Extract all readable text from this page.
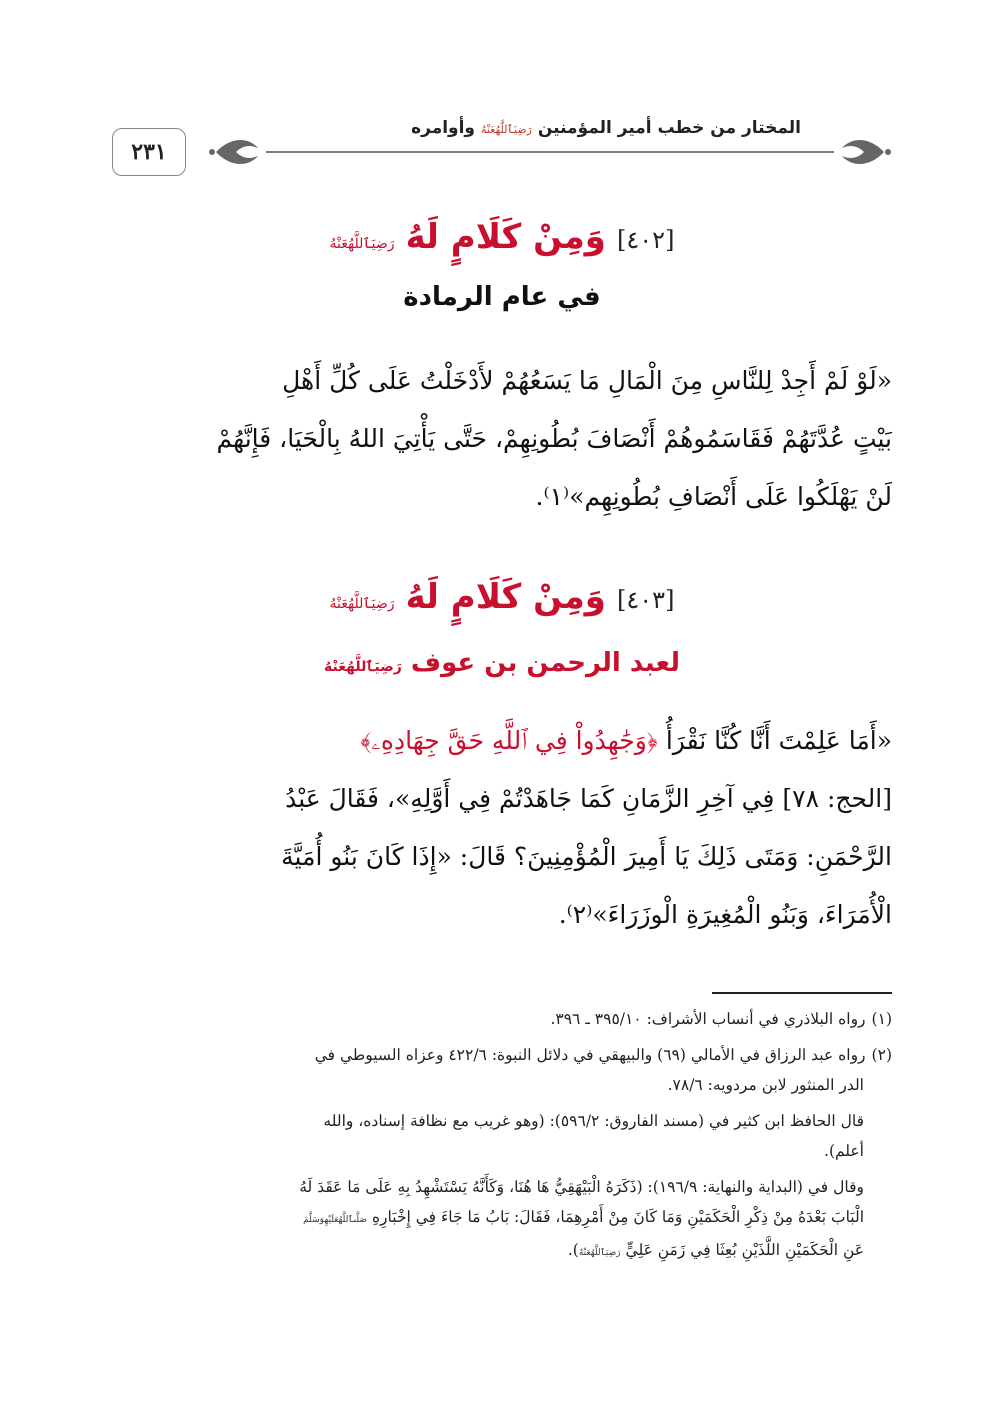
٢٣١
المختار من خطب أمير المؤمنين رَضِيَٱللَّهُعَنْهُ وأوامره
[٤٠٢] وَمِنْ كَلَامٍ لَهُ رَضِيَٱللَّهُعَنْهُ
في عام الرمادة
«لَوْ لَمْ أَجِدْ لِلنَّاسِ مِنَ الْمَالِ مَا يَسَعُهُمْ لأَدْخَلْتُ عَلَى كُلِّ أَهْلِ
بَيْتٍ عُدَّتَهُمْ فَقَاسَمُوهُمْ أَنْصَافَ بُطُونِهِمْ، حَتَّى يَأْتِيَ اللهُ بِالْحَيَا، فَإِنَّهُمْ
لَنْ يَهْلَكُوا عَلَى أَنْصَافِ بُطُونِهِم»⁽١⁾.
[٤٠٣] وَمِنْ كَلَامٍ لَهُ رَضِيَٱللَّهُعَنْهُ
لعبد الرحمن بن عوف رَضِيَٱللَّهُعَنْهُ
«أَمَا عَلِمْتَ أَنَّا كُنَّا نَقْرَأُ ﴿وَجَٰهِدُواْ فِي ٱللَّهِ حَقَّ جِهَادِهِۦ﴾
[الحج: ٧٨] فِي آخِرِ الزَّمَانِ كَمَا جَاهَدْتُمْ فِي أَوَّلِهِ»، فَقَالَ عَبْدُ
الرَّحْمَنِ: وَمَتَى ذَلِكَ يَا أَمِيرَ الْمُؤْمِنِينَ؟ قَالَ: «إِذَا كَانَ بَنُو أُمَيَّةَ
الْأُمَرَاءَ، وَبَنُو الْمُغِيرَةِ الْوزَرَاءَ»⁽٢⁾.
(١)رواه البلاذري في أنساب الأشراف: ٣٩٥/١٠ ـ ٣٩٦.
(٢)رواه عبد الرزاق في الأمالي (٦٩) والبيهقي في دلائل النبوة: ٤٢٢/٦ وعزاه السيوطي في
الدر المنثور لابن مردويه: ٧٨/٦.
قال الحافظ ابن كثير في (مسند الفاروق: ٥٩٦/٢): (وهو غريب مع نظافة إسناده، والله
أعلم).
وقال في (البداية والنهاية: ١٩٦/٩): (ذَكَرَهُ الْبَيْهَقِيُّ هَا هُنَا، وَكَأَنَّهُ يَسْتَشْهِدُ بِهِ عَلَى مَا عَقَدَ لَهُ
الْبَابَ بَعْدَهُ مِنْ ذِكْرِ الْحَكَمَيْنِ وَمَا كَانَ مِنْ أَمْرِهِمَا، فَقَالَ: بَابُ مَا جَاءَ فِي إِخْبَارِهِ صَلَّىٱللَّهُعَلَيْهِوَسَلَّمَ
عَنِ الْحَكَمَيْنِ اللَّذَيْنِ بُعِثَا فِي زَمَنِ عَلِيٍّ رَضِيَٱللَّهُعَنْهُ).
